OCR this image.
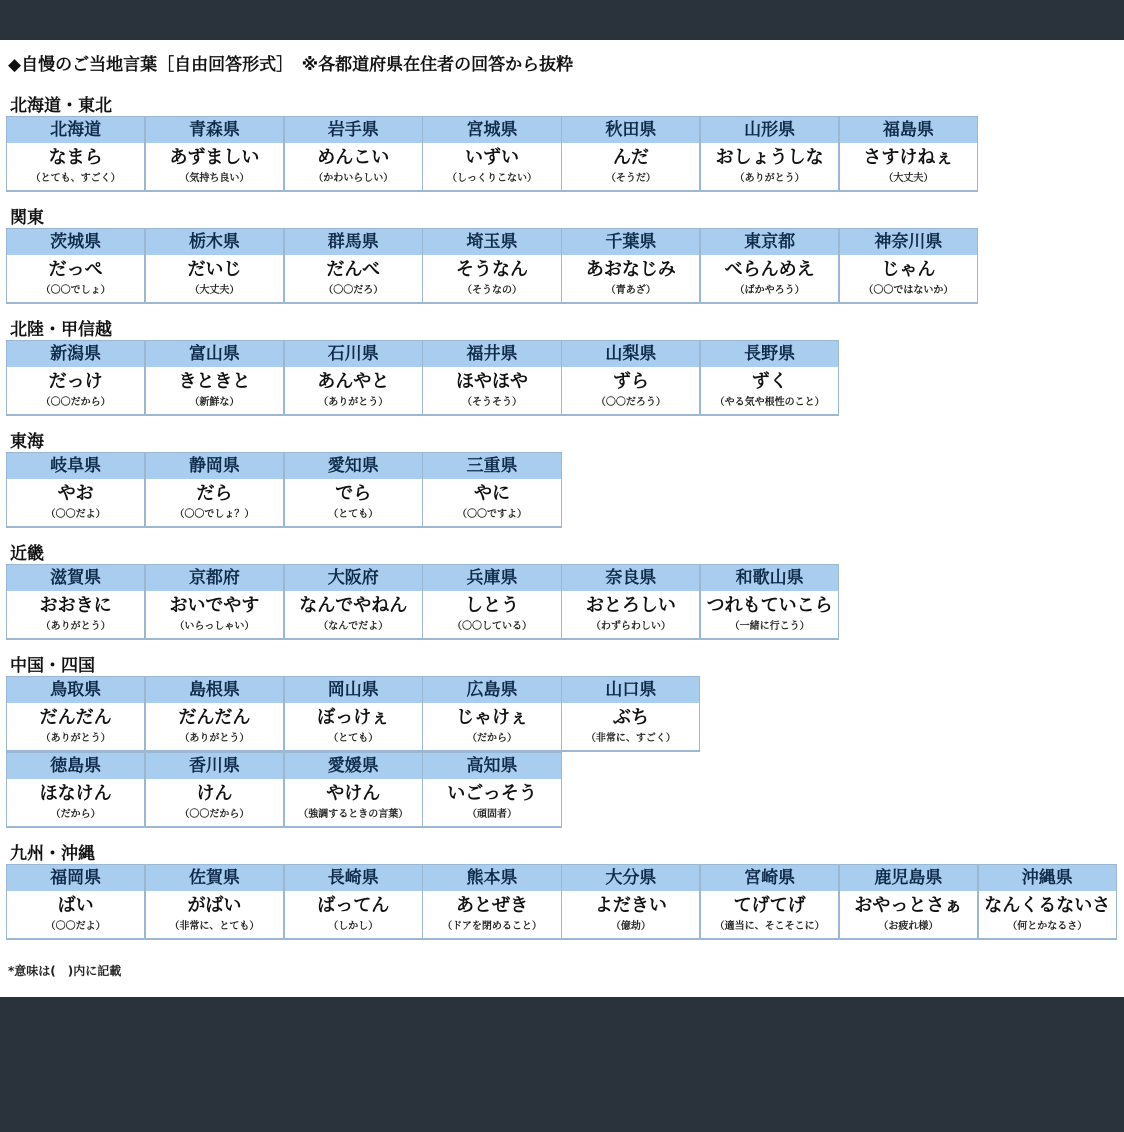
◆自慢のご当地言葉［自由回答形式］　※各都道府県在住者の回答から抜粋
北海道・東北
北海道
なまら
（とても、すごく）
青森県
あずましい
（気持ち良い）
岩手県
めんこい
（かわいらしい）
宮城県
いずい
（しっくりこない）
秋田県
んだ
（そうだ）
山形県
おしょうしな
（ありがとう）
福島県
さすけねぇ
（大丈夫）
関東
茨城県
だっぺ
（〇〇でしょ）
栃木県
だいじ
（大丈夫）
群馬県
だんべ
（〇〇だろ）
埼玉県
そうなん
（そうなの）
千葉県
あおなじみ
（青あざ）
東京都
べらんめえ
（ばかやろう）
神奈川県
じゃん
（〇〇ではないか）
北陸・甲信越
新潟県
だっけ
（〇〇だから）
富山県
きときと
（新鮮な）
石川県
あんやと
（ありがとう）
福井県
ほやほや
（そうそう）
山梨県
ずら
（〇〇だろう）
長野県
ずく
（やる気や根性のこと）
東海
岐阜県
やお
（〇〇だよ）
静岡県
だら
（〇〇でしょ？）
愛知県
でら
（とても）
三重県
やに
（〇〇ですよ）
近畿
滋賀県
おおきに
（ありがとう）
京都府
おいでやす
（いらっしゃい）
大阪府
なんでやねん
（なんでだよ）
兵庫県
しとう
（〇〇している）
奈良県
おとろしい
（わずらわしい）
和歌山県
つれもていこら
（一緒に行こう）
中国・四国
鳥取県
だんだん
（ありがとう）
島根県
だんだん
（ありがとう）
岡山県
ぼっけぇ
（とても）
広島県
じゃけぇ
（だから）
山口県
ぶち
（非常に、すごく）
徳島県
ほなけん
（だから）
香川県
けん
（〇〇だから）
愛媛県
やけん
（強調するときの言葉）
高知県
いごっそう
（頑固者）
九州・沖縄
福岡県
ばい
（〇〇だよ）
佐賀県
がばい
（非常に、とても）
長崎県
ばってん
（しかし）
熊本県
あとぜき
（ドアを閉めること）
大分県
よだきい
（億劫）
宮崎県
てげてげ
（適当に、そこそこに）
鹿児島県
おやっとさぁ
（お疲れ様）
沖縄県
なんくるないさ
（何とかなるさ）
*意味は(　)内に記載
